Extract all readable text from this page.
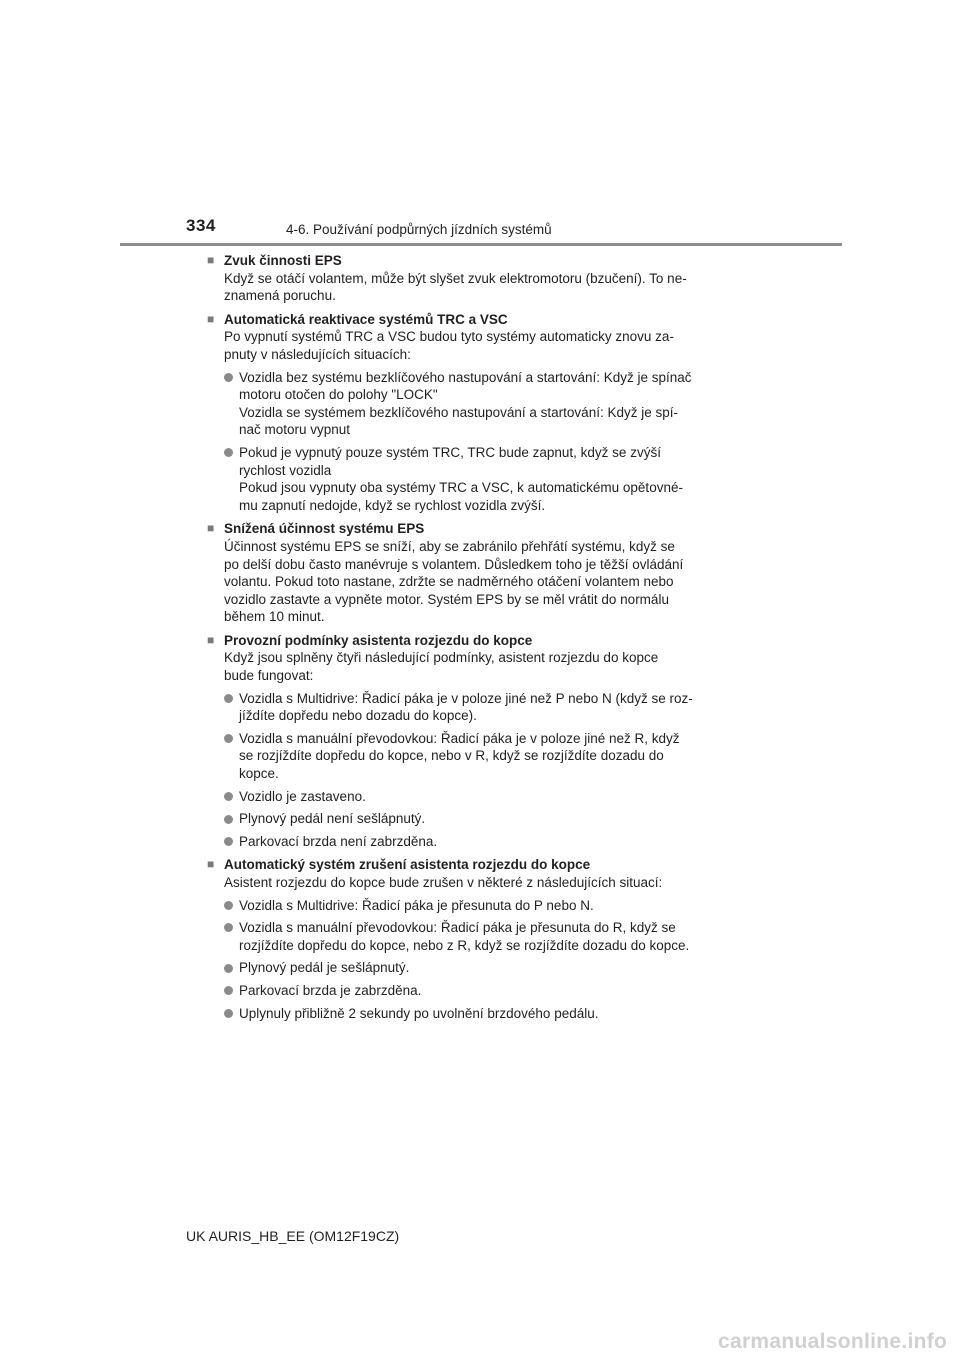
334	4-6. Používání podpůrných jízdních systémů
■ Zvuk činnosti EPS
Když se otáčí volantem, může být slyšet zvuk elektromotoru (bzučení). To ne-
znamená poruchu.
■ Automatická reaktivace systémů TRC a VSC
Po vypnutí systémů TRC a VSC budou tyto systémy automaticky znovu za-
pnuty v následujících situacích:
Vozidla bez systému bezklíčového nastupování a startování: Když je spínač
motoru otočen do polohy "LOCK"
Vozidla se systémem bezklíčového nastupování a startování: Když je spí-
nač motoru vypnut
Pokud je vypnutý pouze systém TRC, TRC bude zapnut, když se zvýší
rychlost vozidla
Pokud jsou vypnuty oba systémy TRC a VSC, k automatickému opětovné-
mu zapnutí nedojde, když se rychlost vozidla zvýší.
■ Snížená účinnost systému EPS
Účinnost systému EPS se sníží, aby se zabránilo přehřátí systému, když se
po delší dobu často manévruje s volantem. Důsledkem toho je těžší ovládání
volantu. Pokud toto nastane, zdržte se nadměrného otáčení volantem nebo
vozidlo zastavte a vypněte motor. Systém EPS by se měl vrátit do normálu
během 10 minut.
■ Provozní podmínky asistenta rozjezdu do kopce
Když jsou splněny čtyři následující podmínky, asistent rozjezdu do kopce
bude fungovat:
Vozidla s Multidrive: Řadicí páka je v poloze jiné než P nebo N (když se roz-
jíždíte dopředu nebo dozadu do kopce).
Vozidla s manuální převodovkou: Řadicí páka je v poloze jiné než R, když
se rozjíždíte dopředu do kopce, nebo v R, když se rozjíždíte dozadu do
kopce.
Vozidlo je zastaveno.
Plynový pedál není sešlápnutý.
Parkovací brzda není zabrzděna.
■ Automatický systém zrušení asistenta rozjezdu do kopce
Asistent rozjezdu do kopce bude zrušen v některé z následujících situací:
Vozidla s Multidrive: Řadicí páka je přesunuta do P nebo N.
Vozidla s manuální převodovkou: Řadicí páka je přesunuta do R, když se
rozjíždíte dopředu do kopce, nebo z R, když se rozjíždíte dozadu do kopce.
Plynový pedál je sešlápnutý.
Parkovací brzda je zabrzděna.
Uplynuly přibližně 2 sekundy po uvolnění brzdového pedálu.
UK AURIS_HB_EE (OM12F19CZ)
carmanualsonline.info
